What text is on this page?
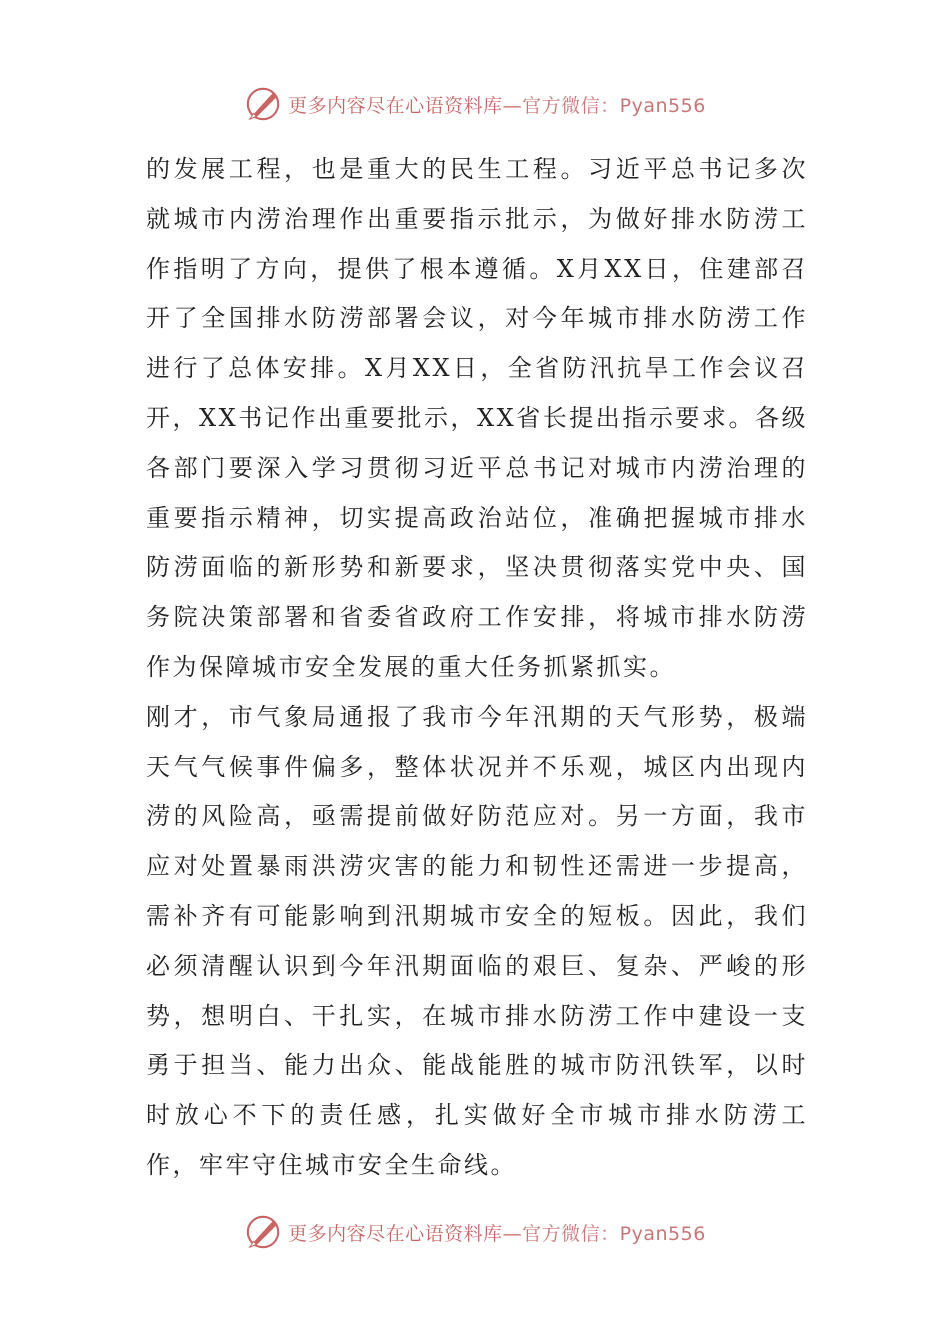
更多内容尽在心语资料库—官方微信：Pyan556

的发展工程，也是重大的民生工程。习近平总书记多次就城市内涝治理作出重要指示批示，为做好排水防涝工作指明了方向，提供了根本遵循。X月XX日，住建部召开了全国排水防涝部署会议，对今年城市排水防涝工作进行了总体安排。X月XX日，全省防汛抗旱工作会议召开，XX书记作出重要批示，XX省长提出指示要求。各级各部门要深入学习贯彻习近平总书记对城市内涝治理的重要指示精神，切实提高政治站位，准确把握城市排水防涝面临的新形势和新要求，坚决贯彻落实党中央、国务院决策部署和省委省政府工作安排，将城市排水防涝作为保障城市安全发展的重大任务抓紧抓实。

刚才，市气象局通报了我市今年汛期的天气形势，极端天气气候事件偏多，整体状况并不乐观，城区内出现内涝的风险高，亟需提前做好防范应对。另一方面，我市应对处置暴雨洪涝灾害的能力和韧性还需进一步提高，需补齐有可能影响到汛期城市安全的短板。因此，我们必须清醒认识到今年汛期面临的艰巨、复杂、严峻的形势，想明白、干扎实，在城市排水防涝工作中建设一支勇于担当、能力出众、能战能胜的城市防汛铁军，以时时放心不下的责任感，扎实做好全市城市排水防涝工作，牢牢守住城市安全生命线。

更多内容尽在心语资料库—官方微信：Pyan556
